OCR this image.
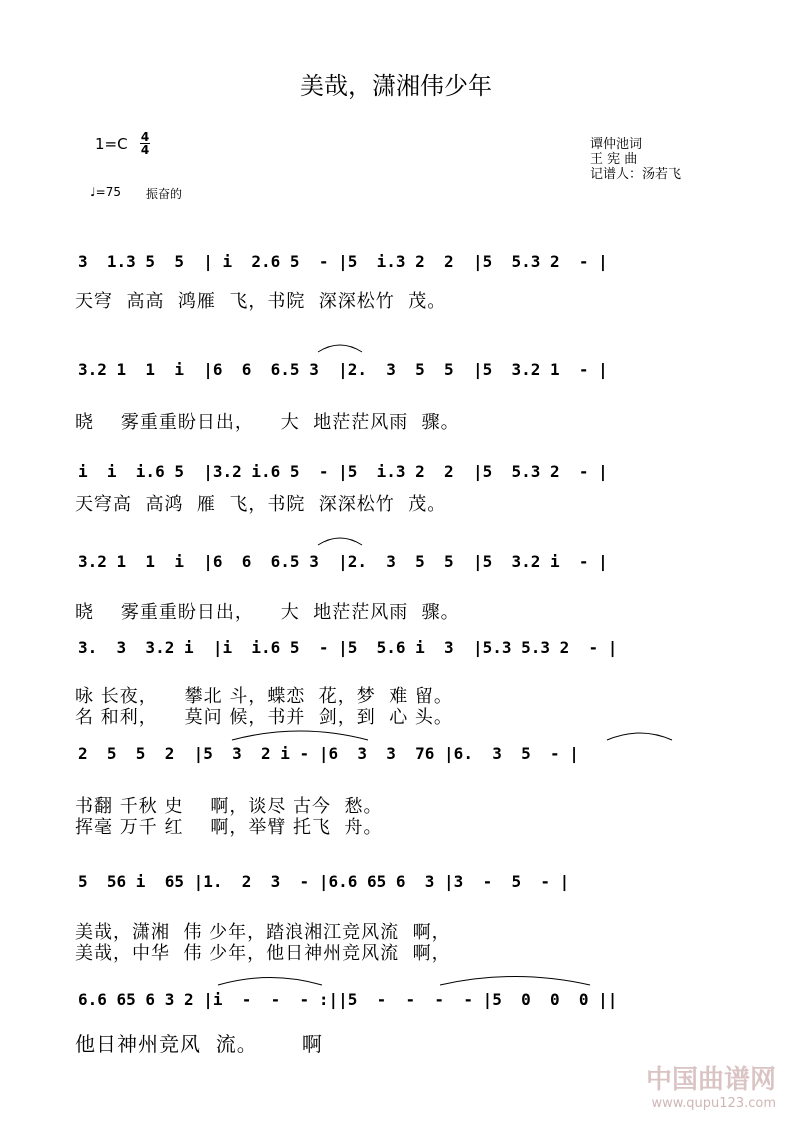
美哉，潇湘伟少年
1=C 4
4
♩=75 振奋的
谭仲池词
王 宪 曲
记谱人：汤若飞
3  1.3 5  5  | i  2.6 5  - |5  i.3 2  2  |5  5.3 2  - |
天穹  高高  鸿雁  飞，书院  深深松竹  茂。
3.2 1  1  i  |6  6  6.5 3  |2.  3  5  5  |5  3.2 1  - |
晓    雾重重盼日出，    大  地茫茫风雨  骤。
i  i  i.6 5  |3.2 i.6 5  - |5  i.3 2  2  |5  5.3 2  - |
天穹高  高鸿  雁  飞，书院  深深松竹  茂。
3.2 1  1  i  |6  6  6.5 3  |2.  3  5  5  |5  3.2 i  - |
晓    雾重重盼日出，    大  地茫茫风雨  骤。
3.  3  3.2 i  |i  i.6 5  - |5  5.6 i  3  |5.3 5.3 2  - |
咏 长夜，    攀北 斗，蝶恋  花，梦  难 留。
名 和利，    莫问 候，书并  剑，到  心 头。
2  5  5  2  |5  3  2 i - |6  3  3  76 |6.  3  5  - |
书翻 千秋 史    啊，谈尽 古今  愁。
挥毫 万千 红    啊，举臂 托飞  舟。
5  56 i  65 |1.  2  3  - |6.6 65 6  3 |3  -  5  - |
美哉，潇湘  伟 少年，踏浪湘江竞风流  啊，
美哉，中华  伟 少年，他日神州竞风流  啊，
6.6 65 6 3 2 |i  -  -  - :||5  -  -  -  - |5  0  0  0 ||
他日神州竞风  流。      啊
中国曲谱网
www.qupu123.com
